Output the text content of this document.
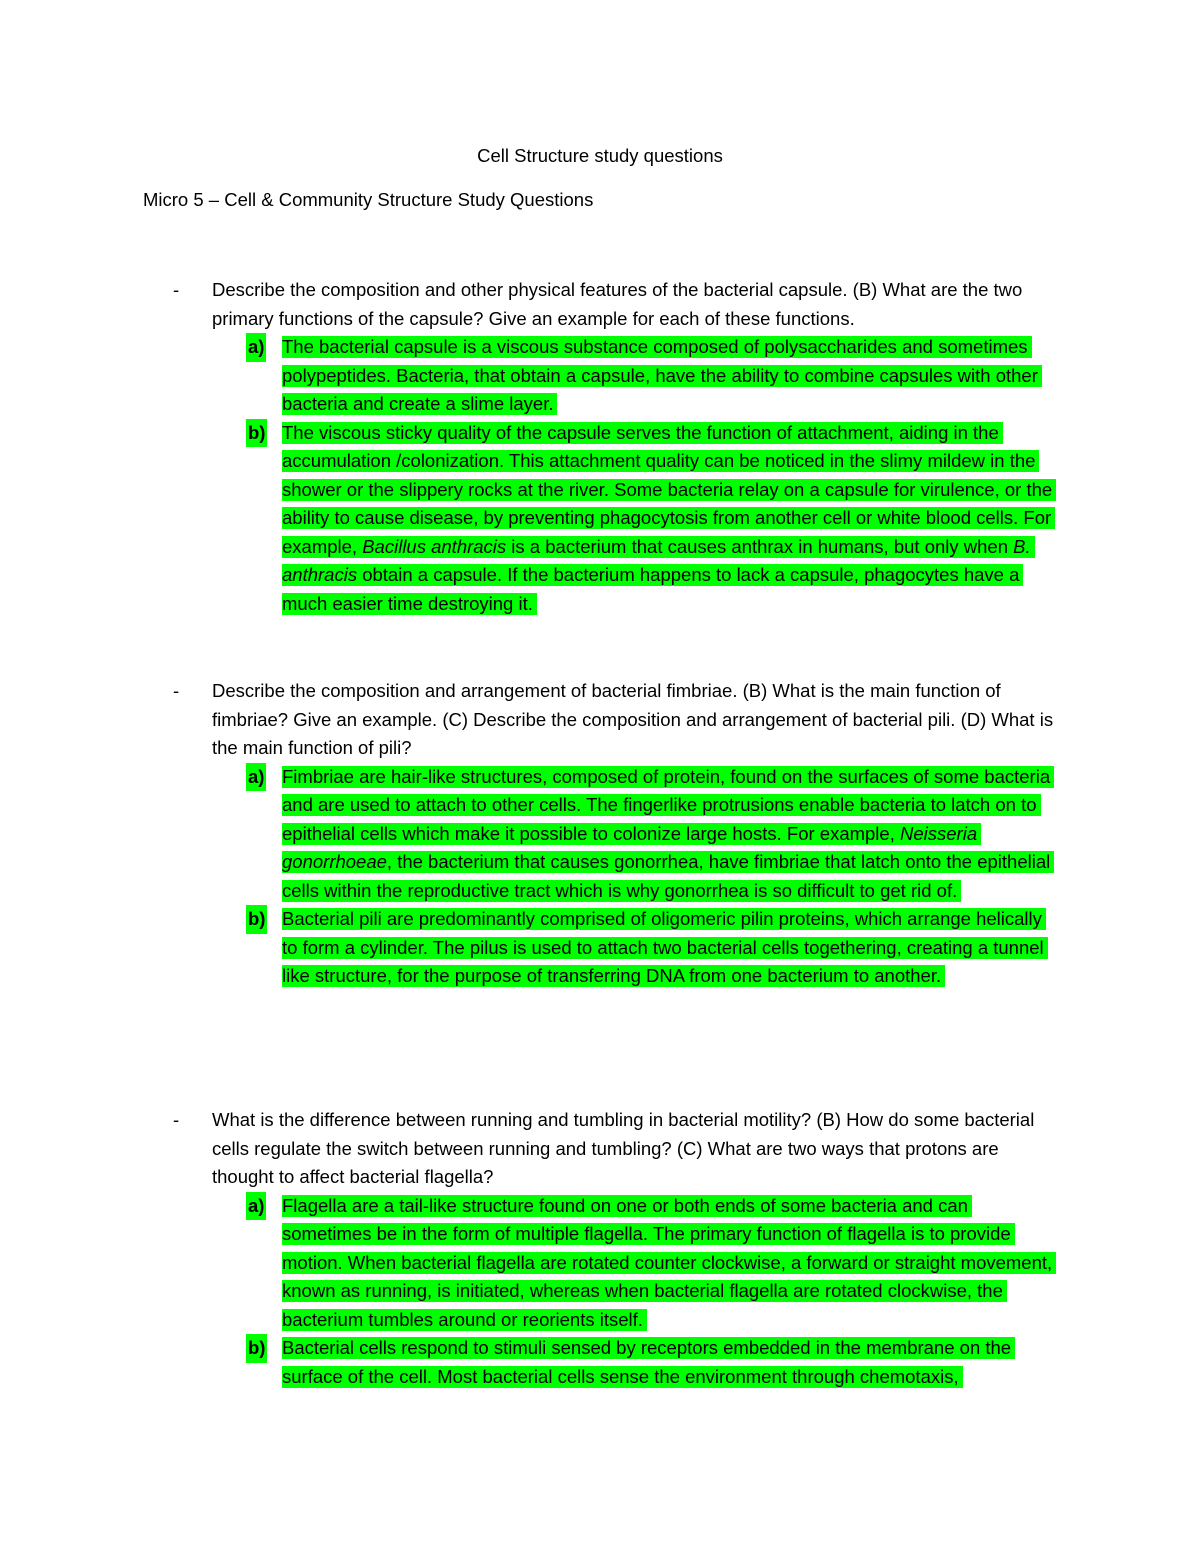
Cell Structure study questions
Micro 5 – Cell & Community Structure Study Questions
- Describe the composition and other physical features of the bacterial capsule. (B) What are the two primary functions of the capsule? Give an example for each of these functions.
a) The bacterial capsule is a viscous substance composed of polysaccharides and sometimes polypeptides. Bacteria, that obtain a capsule, have the ability to combine capsules with other bacteria and create a slime layer.
b) The viscous sticky quality of the capsule serves the function of attachment, aiding in the accumulation /colonization. This attachment quality can be noticed in the slimy mildew in the shower or the slippery rocks at the river. Some bacteria relay on a capsule for virulence, or the ability to cause disease, by preventing phagocytosis from another cell or white blood cells. For example, Bacillus anthracis is a bacterium that causes anthrax in humans, but only when B. anthracis obtain a capsule. If the bacterium happens to lack a capsule, phagocytes have a much easier time destroying it.
- Describe the composition and arrangement of bacterial fimbriae. (B) What is the main function of fimbriae? Give an example. (C) Describe the composition and arrangement of bacterial pili. (D) What is the main function of pili?
a) Fimbriae are hair-like structures, composed of protein, found on the surfaces of some bacteria and are used to attach to other cells. The fingerlike protrusions enable bacteria to latch on to epithelial cells which make it possible to colonize large hosts. For example, Neisseria gonorrhoeae, the bacterium that causes gonorrhea, have fimbriae that latch onto the epithelial cells within the reproductive tract which is why gonorrhea is so difficult to get rid of.
b) Bacterial pili are predominantly comprised of oligomeric pilin proteins, which arrange helically to form a cylinder. The pilus is used to attach two bacterial cells togethering, creating a tunnel like structure, for the purpose of transferring DNA from one bacterium to another.
- What is the difference between running and tumbling in bacterial motility? (B) How do some bacterial cells regulate the switch between running and tumbling? (C) What are two ways that protons are thought to affect bacterial flagella?
a) Flagella are a tail-like structure found on one or both ends of some bacteria and can sometimes be in the form of multiple flagella. The primary function of flagella is to provide motion. When bacterial flagella are rotated counter clockwise, a forward or straight movement, known as running, is initiated, whereas when bacterial flagella are rotated clockwise, the bacterium tumbles around or reorients itself.
b) Bacterial cells respond to stimuli sensed by receptors embedded in the membrane on the surface of the cell. Most bacterial cells sense the environment through chemotaxis,
